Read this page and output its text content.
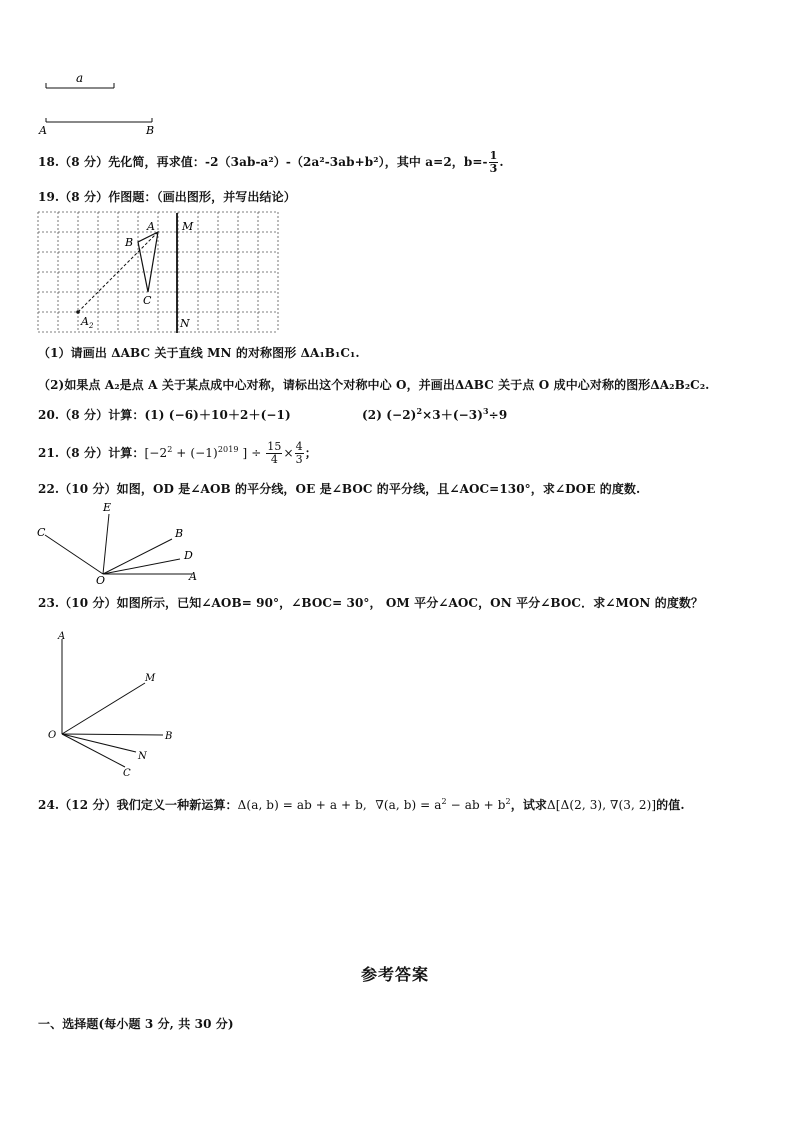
a
A	B
18.（8 分）先化简，再求值：-2（3ab-a²）-（2a²-3ab+b²），其中 a=2，$b=- \frac{1}{3}$ .
19.（8 分）作图题：（画出图形，并写出结论）
A
B
C
M
N
$A_2$
（1）请画出 ΔABC 关于直线 MN 的对称图形 ΔA₁B₁C₁.
（2)如果点 A₂是点 A 关于某点成中心对称，请标出这个对称中心 O，并画出ΔABC 关于点 O 成中心对称的图形ΔA₂B₂C₂.
20.（8 分）计算：(1) (−6)＋10＋2＋(−1)	(2) $(-2)^2\times 3+(-3)^3\div 9$
21.（8 分）计算：[$-2^2 + (-1)^{2019}$ ] ÷ $\frac{15}{4} \times \frac{4}{3}$ ；
22.（10 分）如图，OD 是∠AOB 的平分线，OE 是∠BOC 的平分线，且∠AOC=130°，求∠DOE 的度数.
C
E
B
D
O	A
23.（10 分）如图所示，已知∠AOB= 90°，∠BOC= 30°， OM 平分∠AOC，ON 平分∠BOC．求∠MON 的度数？
A
M
O	B
N
C
24.（12 分）我们定义一种新运算：Δ(a, b) = ab + a + b, ∇(a, $b) = a^2$ − ab + $b^2$，试求Δ[Δ(2, 3), ∇(3, 2)]的值.
参考答案
一、选择题(每小题 3 分, 共 30 分)
